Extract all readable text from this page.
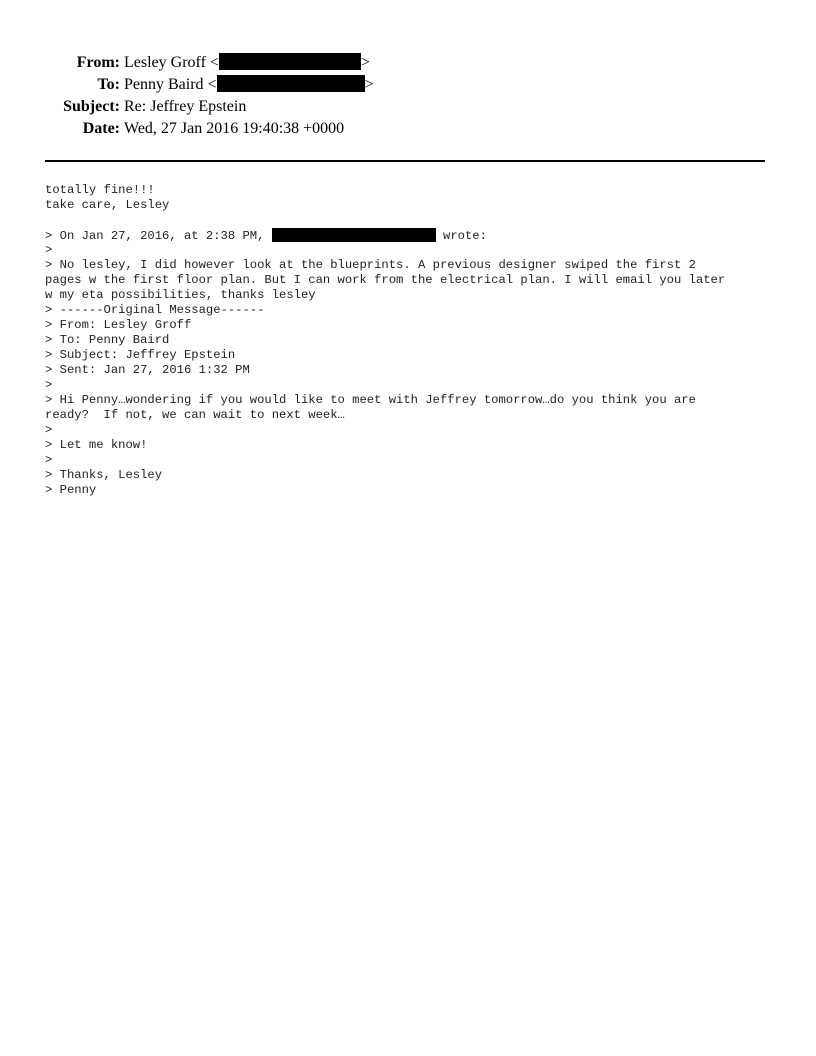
From: Lesley Groff <	>
To: Penny Baird <	>
Subject: Re: Jeffrey Epstein
Date: Wed, 27 Jan 2016 19:40:38 +0000
totally fine!!!
take care, Lesley
> On Jan 27, 2016, at 2:38 PM,	wrote:
>
> No lesley, I did however look at the blueprints. A previous designer swiped the first 2
pages w the first floor plan. But I can work from the electrical plan. I will email you later
w my eta possibilities, thanks lesley
> ------Original Message------
> From: Lesley Groff
> To: Penny Baird
> Subject: Jeffrey Epstein
> Sent: Jan 27, 2016 1:32 PM
>
> Hi Penny…wondering if you would like to meet with Jeffrey tomorrow…do you think you are
ready?  If not, we can wait to next week…
>
> Let me know!
>
> Thanks, Lesley
> Penny
